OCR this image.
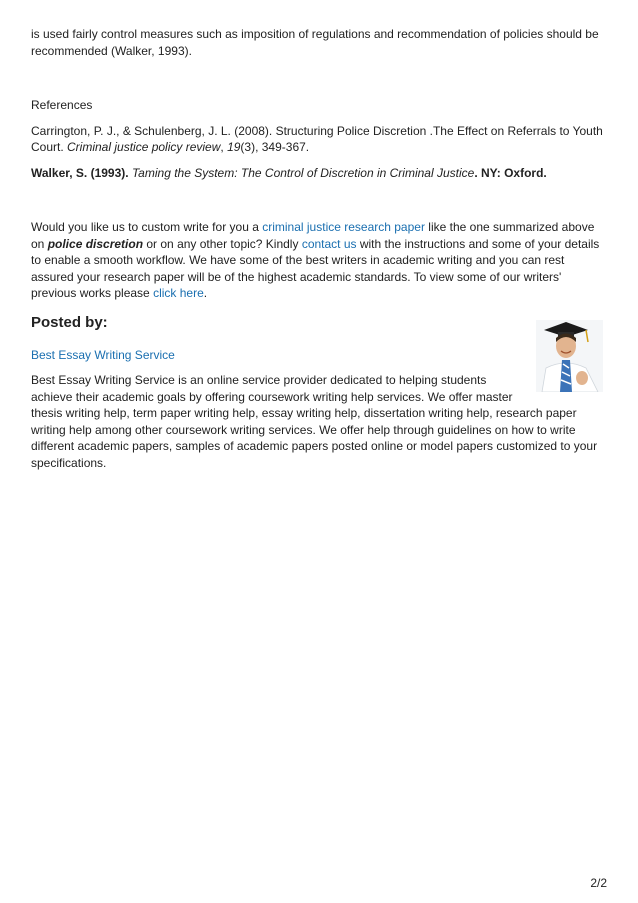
is used fairly control measures such as imposition of regulations and recommendation of policies should be recommended (Walker, 1993).

References

Carrington, P. J., & Schulenberg, J. L. (2008). Structuring Police Discretion .The Effect on Referrals to Youth Court. Criminal justice policy review, 19(3), 349-367.

Walker, S. (1993). Taming the System: The Control of Discretion in Criminal Justice. NY: Oxford.

Would you like us to custom write for you a criminal justice research paper like the one summarized above on police discretion or on any other topic? Kindly contact us with the instructions and some of your details to enable a smooth workflow. We have some of the best writers in academic writing and you can rest assured your research paper will be of the highest academic standards. To view some of our writers' previous works please click here.

Posted by:

Best Essay Writing Service

Best Essay Writing Service is an online service provider dedicated to helping students achieve their academic goals by offering coursework writing help services. We offer master thesis writing help, term paper writing help, essay writing help, dissertation writing help, research paper writing help among other coursework writing services. We offer help through guidelines on how to write different academic papers, samples of academic papers posted online or model papers customized to your specifications.

2/2
